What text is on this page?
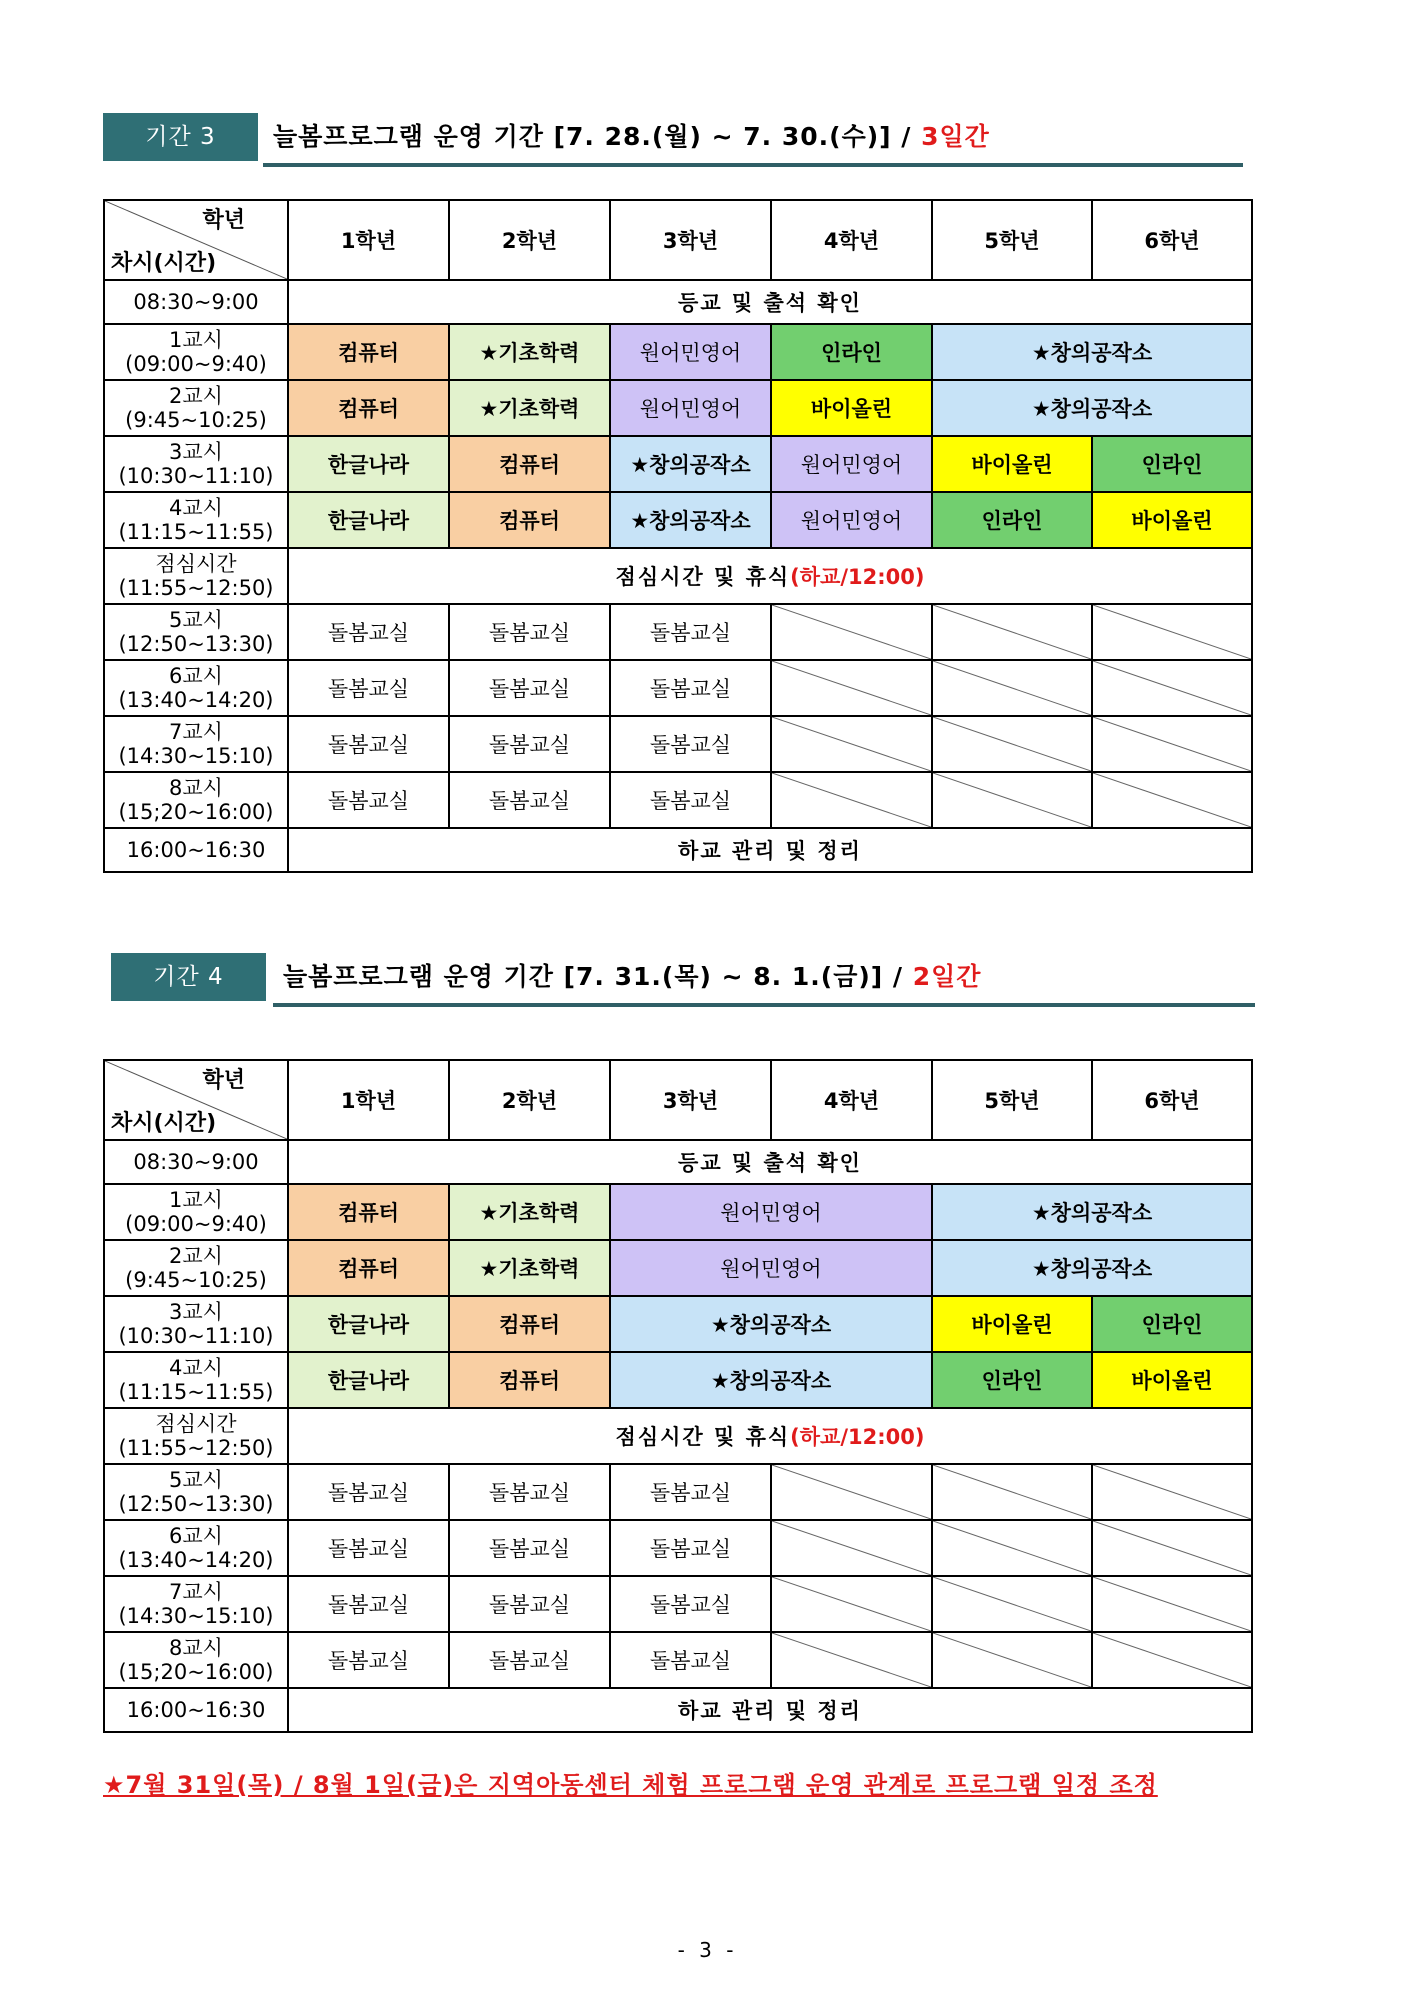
기간 3	늘봄프로그램 운영 기간 [7. 28.(월) ~ 7. 30.(수)] / 3일간
학년
차시(시간)	1학년	2학년	3학년	4학년	5학년	6학년
08:30~9:00	등교 및 출석 확인					

1교시
(09:00~9:40)	컴퓨터	★기초학력	원어민영어	인라인	★창의공작소	

2교시
(9:45~10:25)	컴퓨터	★기초학력	원어민영어	바이올린	★창의공작소	

3교시
(10:30~11:10)	한글나라	컴퓨터	★창의공작소	원어민영어	바이올린	인라인

4교시
(11:15~11:55)	한글나라	컴퓨터	★창의공작소	원어민영어	인라인	바이올린

점심시간
(11:55~12:50)	점심시간 및 휴식(하교/12:00)					

5교시
(12:50~13:30)	돌봄교실	돌봄교실	돌봄교실	

6교시
(13:40~14:20)	돌봄교실	돌봄교실	돌봄교실	

7교시
(14:30~15:10)	돌봄교실	돌봄교실	돌봄교실	

8교시
(15;20~16:00)	돌봄교실	돌봄교실	돌봄교실	

16:00~16:30	하교 관리 및 정리					
기간 4	늘봄프로그램 운영 기간 [7. 31.(목) ~ 8. 1.(금)] / 2일간
학년
차시(시간)	1학년	2학년	3학년	4학년	5학년	6학년
08:30~9:00	등교 및 출석 확인					

1교시
(09:00~9:40)	컴퓨터	★기초학력	원어민영어		★창의공작소	

2교시
(9:45~10:25)	컴퓨터	★기초학력	원어민영어		★창의공작소	

3교시
(10:30~11:10)	한글나라	컴퓨터	★창의공작소		바이올린	인라인

4교시
(11:15~11:55)	한글나라	컴퓨터	★창의공작소		인라인	바이올린

점심시간
(11:55~12:50)	점심시간 및 휴식(하교/12:00)					

5교시
(12:50~13:30)	돌봄교실	돌봄교실	돌봄교실	

6교시
(13:40~14:20)	돌봄교실	돌봄교실	돌봄교실	

7교시
(14:30~15:10)	돌봄교실	돌봄교실	돌봄교실	

8교시
(15;20~16:00)	돌봄교실	돌봄교실	돌봄교실	

16:00~16:30	하교 관리 및 정리					
★7월 31일(목) / 8월 1일(금)은 지역아동센터 체험 프로그램 운영 관계로 프로그램 일정 조정
- 3 -
